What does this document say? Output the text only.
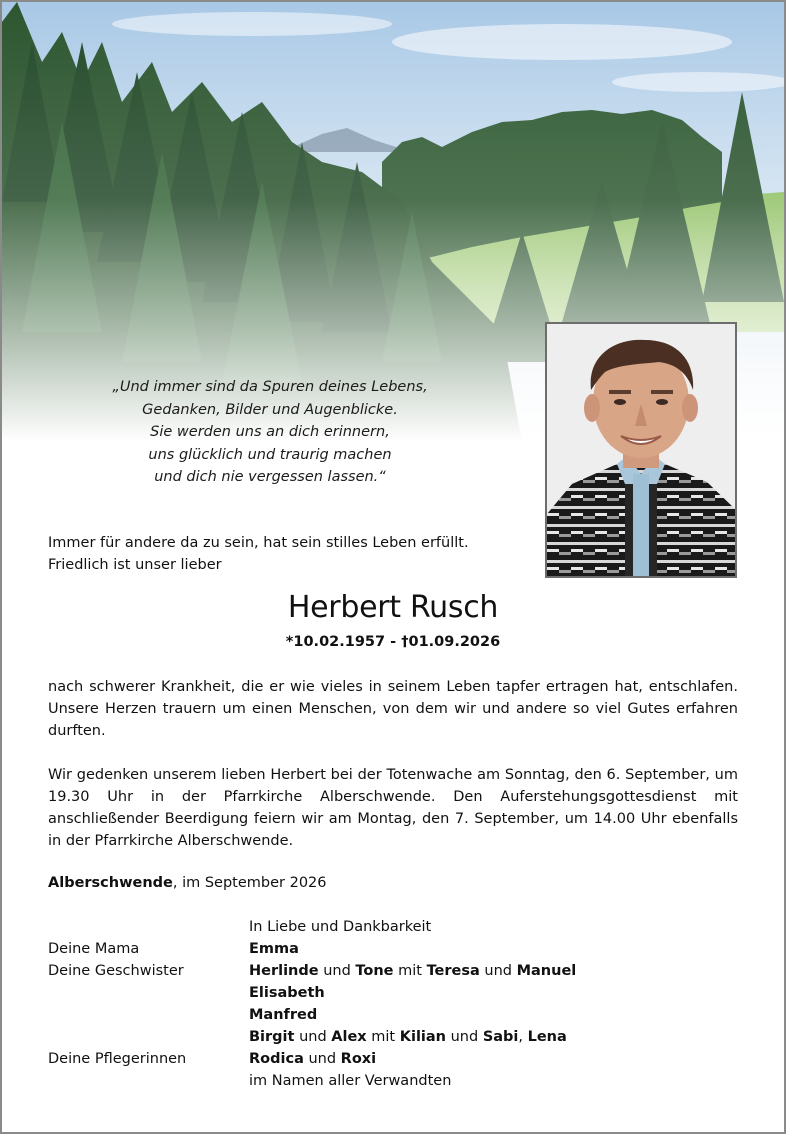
„Und immer sind da Spuren deines Lebens,
Gedanken, Bilder und Augenblicke.
Sie werden uns an dich erinnern,
uns glücklich und traurig machen
und dich nie vergessen lassen.“
Immer für andere da zu sein, hat sein stilles Leben erfüllt.
Friedlich ist unser lieber
Herbert Rusch
*10.02.1957 - †01.09.2026
nach schwerer Krankheit, die er wie vieles in seinem Leben tapfer ertragen hat, entschlafen. Unsere Herzen trauern um einen Menschen, von dem wir und andere so viel Gutes erfahren durften.
Wir gedenken unserem lieben Herbert bei der Totenwache am Sonntag, den 6. September, um 19.30 Uhr in der Pfarrkirche Alberschwende. Den Auferstehungsgottesdienst mit anschließender Beerdigung feiern wir am Montag, den 7. September, um 14.00 Uhr ebenfalls in der Pfarrkirche Alberschwende.
Alberschwende, im September 2026
In Liebe und Dankbarkeit
Deine Mama	Emma
Deine Geschwister	Herlinde und Tone mit Teresa und Manuel
Elisabeth
Manfred
Birgit und Alex mit Kilian und Sabi, Lena
Deine Pflegerinnen	Rodica und Roxi
im Namen aller Verwandten
